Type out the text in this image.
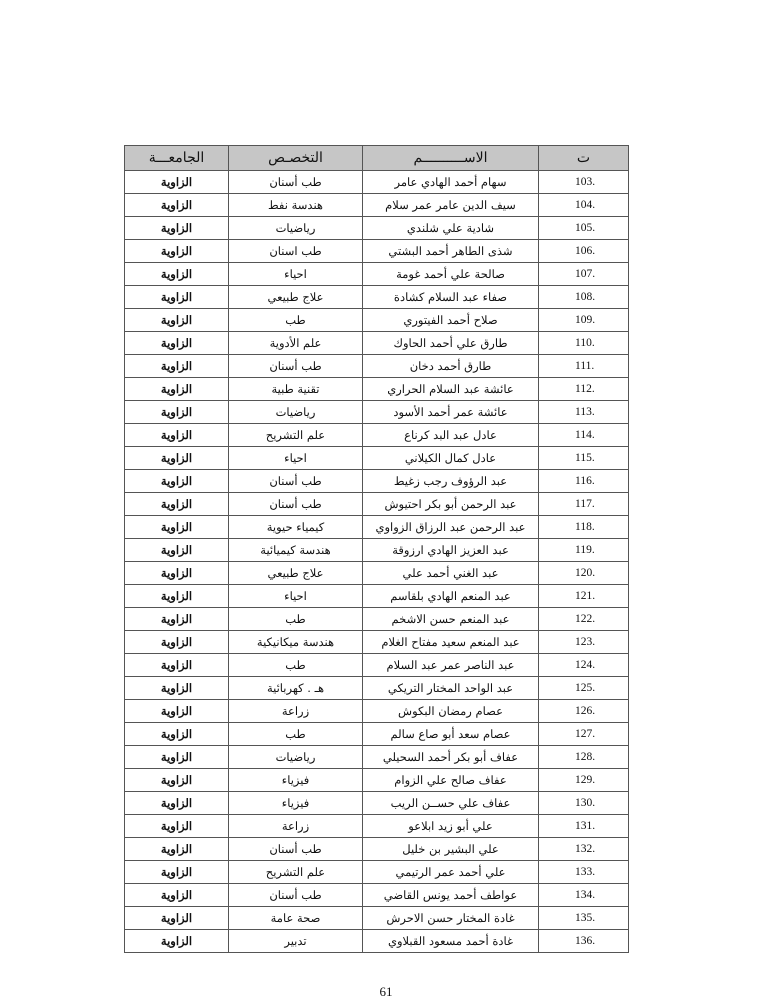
الجامعـــة	التخصـص	الاســــــــــم	ت
الزاوية	طب أسنان	سهام أحمد الهادي عامر	103.
الزاوية	هندسة نفط	سيف الدين عامر عمر سلام	104.
الزاوية	رياضيات	شادية علي شلندي	105.
الزاوية	طب اسنان	شذى الطاهر أحمد البشتي	106.
الزاوية	احياء	صالحة علي أحمد غومة	107.
الزاوية	علاج طبيعي	صفاء عبد السلام كشادة	108.
الزاوية	طب	صلاح أحمد الفيتوري	109.
الزاوية	علم الأدوية	طارق علي أحمد الحاوك	110.
الزاوية	طب أسنان	طارق أحمد دخان	111.
الزاوية	تقنية طبية	عائشة عبد السلام الحراري	112.
الزاوية	رياضيات	عائشة عمر أحمد الأسود	113.
الزاوية	علم التشريح	عادل عبد البد كرناع	114.
الزاوية	احياء	عادل كمال الكيلاني	115.
الزاوية	طب أسنان	عبد الرؤوف رجب زغيط	116.
الزاوية	طب أسنان	عبد الرحمن أبو بكر احتيوش	117.
الزاوية	كيمياء حيوية	عبد الرحمن عبد الرزاق الزواوي	118.
الزاوية	هندسة كيميائية	عبد العزيز الهادي ارزوقة	119.
الزاوية	علاج طبيعي	عبد الغني أحمد علي	120.
الزاوية	احياء	عبد المنعم الهادي بلقاسم	121.
الزاوية	طب	عبد المنعم حسن الاشخم	122.
الزاوية	هندسة ميكانيكية	عبد المنعم سعيد مفتاح الغلام	123.
الزاوية	طب	عبد الناصر عمر عبد السلام	124.
الزاوية	هـ . كهربائية	عبد الواحد المختار التريكي	125.
الزاوية	زراعة	عصام رمضان البكوش	126.
الزاوية	طب	عصام سعد أبو صاع سالم	127.
الزاوية	رياضيات	عفاف أبو بكر أحمد السحيلي	128.
الزاوية	فيزياء	عفاف صالح علي الزوام	129.
الزاوية	فيزياء	عفاف علي حســن الريب	130.
الزاوية	زراعة	علي أبو زيد ابلاعو	131.
الزاوية	طب أسنان	علي البشير بن خليل	132.
الزاوية	علم التشريح	علي أحمد عمر الرتيمي	133.
الزاوية	طب أسنان	عواطف أحمد يونس القاضي	134.
الزاوية	صحة عامة	غادة المختار حسن الاحرش	135.
الزاوية	تدبير	غادة أحمد مسعود القبلاوي	136.
61
